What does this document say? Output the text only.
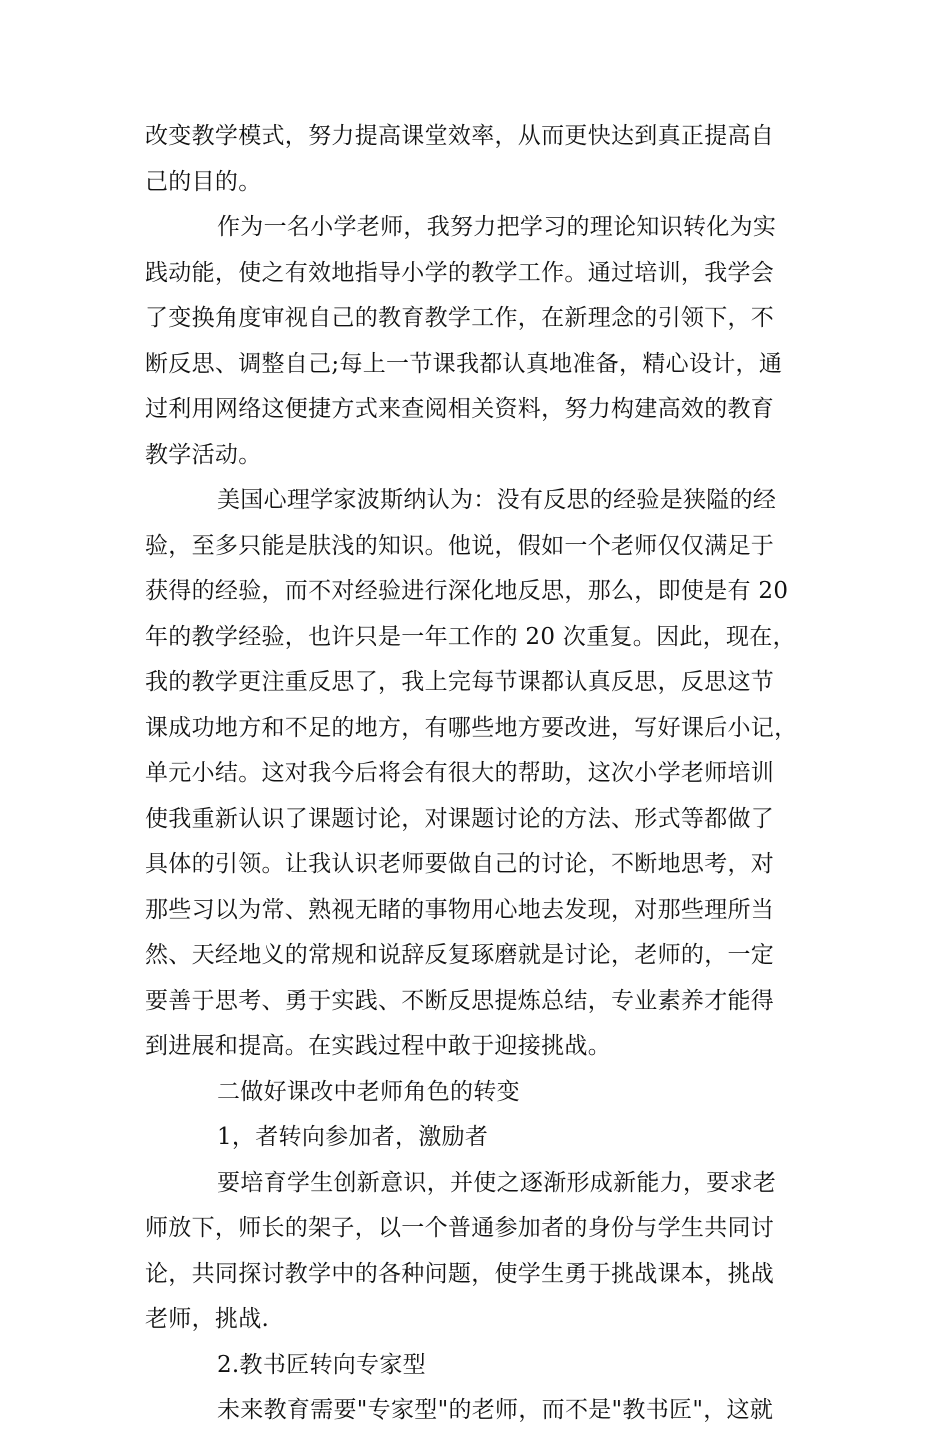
改变教学模式，努力提高课堂效率，从而更快达到真正提高自
己的目的。
作为一名小学老师，我努力把学习的理论知识转化为实
践动能，使之有效地指导小学的教学工作。通过培训，我学会
了变换角度审视自己的教育教学工作，在新理念的引领下，不
断反思、调整自己;每上一节课我都认真地准备，精心设计，通
过利用网络这便捷方式来查阅相关资料，努力构建高效的教育
教学活动。
美国心理学家波斯纳认为：没有反思的经验是狭隘的经
验，至多只能是肤浅的知识。他说，假如一个老师仅仅满足于
获得的经验，而不对经验进行深化地反思，那么，即使是有 20
年的教学经验，也许只是一年工作的 20 次重复。因此，现在，
我的教学更注重反思了，我上完每节课都认真反思，反思这节
课成功地方和不足的地方，有哪些地方要改进，写好课后小记，
单元小结。这对我今后将会有很大的帮助，这次小学老师培训
使我重新认识了课题讨论，对课题讨论的方法、形式等都做了
具体的引领。让我认识老师要做自己的讨论，不断地思考，对
那些习以为常、熟视无睹的事物用心地去发现，对那些理所当
然、天经地义的常规和说辞反复琢磨就是讨论，老师的，一定
要善于思考、勇于实践、不断反思提炼总结，专业素养才能得
到进展和提高。在实践过程中敢于迎接挑战。
二做好课改中老师角色的转变
1，者转向参加者，激励者
要培育学生创新意识，并使之逐渐形成新能力，要求老
师放下，师长的架子，以一个普通参加者的身份与学生共同讨
论，共同探讨教学中的各种问题，使学生勇于挑战课本，挑战
老师，挑战.
2.教书匠转向专家型
未来教育需要"专家型"的老师，而不是"教书匠"，这就
